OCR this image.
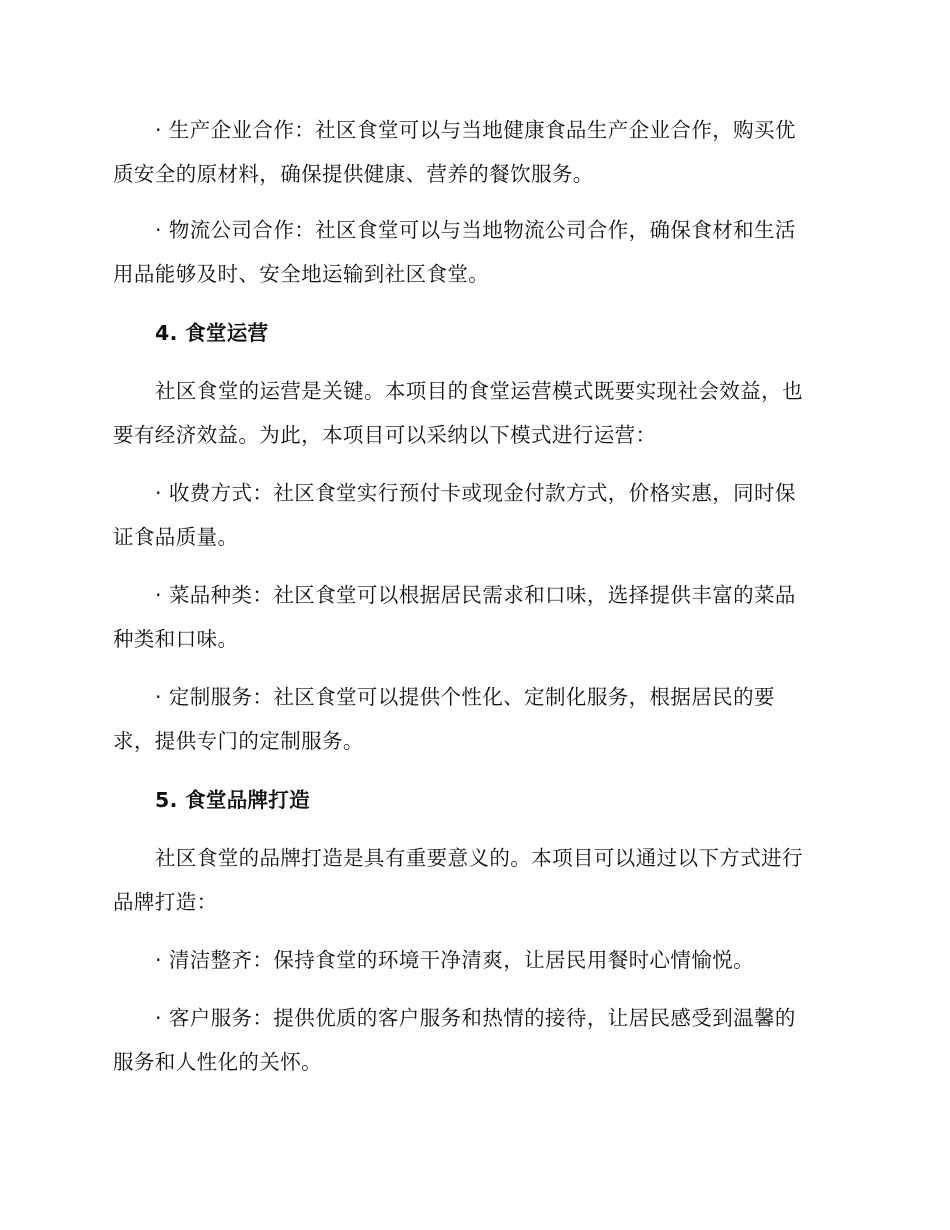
· 生产企业合作：社区食堂可以与当地健康食品生产企业合作，购买优
质安全的原材料，确保提供健康、营养的餐饮服务。

· 物流公司合作：社区食堂可以与当地物流公司合作，确保食材和生活
用品能够及时、安全地运输到社区食堂。

4. 食堂运营

社区食堂的运营是关键。本项目的食堂运营模式既要实现社会效益，也
要有经济效益。为此，本项目可以采纳以下模式进行运营：

· 收费方式：社区食堂实行预付卡或现金付款方式，价格实惠，同时保
证食品质量。

· 菜品种类：社区食堂可以根据居民需求和口味，选择提供丰富的菜品
种类和口味。

· 定制服务：社区食堂可以提供个性化、定制化服务，根据居民的要
求，提供专门的定制服务。

5. 食堂品牌打造

社区食堂的品牌打造是具有重要意义的。本项目可以通过以下方式进行
品牌打造：

· 清洁整齐：保持食堂的环境干净清爽，让居民用餐时心情愉悦。

· 客户服务：提供优质的客户服务和热情的接待，让居民感受到温馨的
服务和人性化的关怀。
